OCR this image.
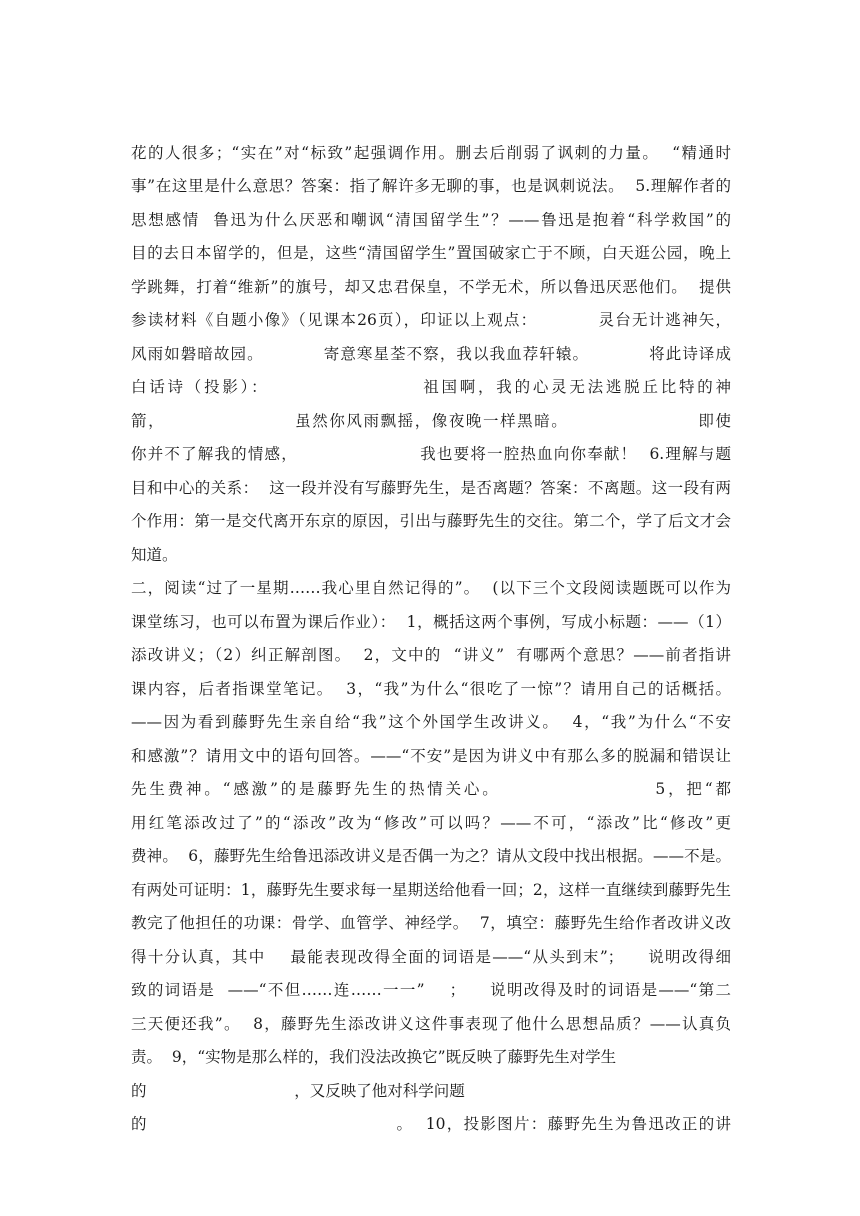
花的人很多；“实在”对“标致”起强调作用。删去后削弱了讽刺的力量。  “精通时
事”在这里是什么意思？答案：指了解许多无聊的事，也是讽刺说法。  5.理解作者的
思想感情  鲁迅为什么厌恶和嘲讽“清国留学生”？——鲁迅是抱着“科学救国”的
目的去日本留学的，但是，这些“清国留学生”置国破家亡于不顾，白天逛公园，晚上
学跳舞，打着“维新”的旗号，却又忠君保皇，不学无术，所以鲁迅厌恶他们。  提供
参读材料《自题小像》（见课本26页），印证以上观点：          灵台无计逃神矢，
风雨如磐暗故园。          寄意寒星荃不察，我以我血荐轩辕。          将此诗译成
白话诗（投影）：                    祖国啊，我的心灵无法逃脱丘比特的神
箭，                    虽然你风雨飘摇，像夜晚一样黑暗。                    即使
你并不了解我的情感，                    我也要将一腔热血向你奉献！  6.理解与题
目和中心的关系：  这一段并没有写藤野先生，是否离题？答案：不离题。这一段有两
个作用：第一是交代离开东京的原因，引出与藤野先生的交往。第二个，学了后文才会
知道。
二，阅读“过了一星期……我心里自然记得的”。  (以下三个文段阅读题既可以作为
课堂练习，也可以布置为课后作业）：  1，概括这两个事例，写成小标题：——（1）
添改讲义；（2）纠正解剖图。  2，文中的  “讲义”  有哪两个意思？——前者指讲
课内容，后者指课堂笔记。  3，“我”为什么“很吃了一惊”？请用自己的话概括。
——因为看到藤野先生亲自给“我”这个外国学生改讲义。  4，“我”为什么“不安
和感激”？请用文中的语句回答。——“不安”是因为讲义中有那么多的脱漏和错误让
先生费神。“感激”的是藤野先生的热情关心。                    5，把“都
用红笔添改过了”的“添改”改为“修改”可以吗？——不可，“添改”比“修改”更
费神。  6，藤野先生给鲁迅添改讲义是否偶一为之？请从文段中找出根据。——不是。
有两处可证明：1，藤野先生要求每一星期送给他看一回；2，这样一直继续到藤野先生
教完了他担任的功课：骨学、血管学、神经学。  7，填空：藤野先生给作者改讲义改
得十分认真，其中    最能表现改得全面的词语是——“从头到末”；    说明改得细
致的词语是  ——“不但……连……一一”    ；    说明改得及时的词语是——“第二
三天便还我”。  8，藤野先生添改讲义这件事表现了他什么思想品质？——认真负
责。  9，“实物是那么样的，我们没法改换它”既反映了藤野先生对学生
的                              ，又反映了他对科学问题
的                                        。  10，投影图片：藤野先生为鲁迅改正的讲
